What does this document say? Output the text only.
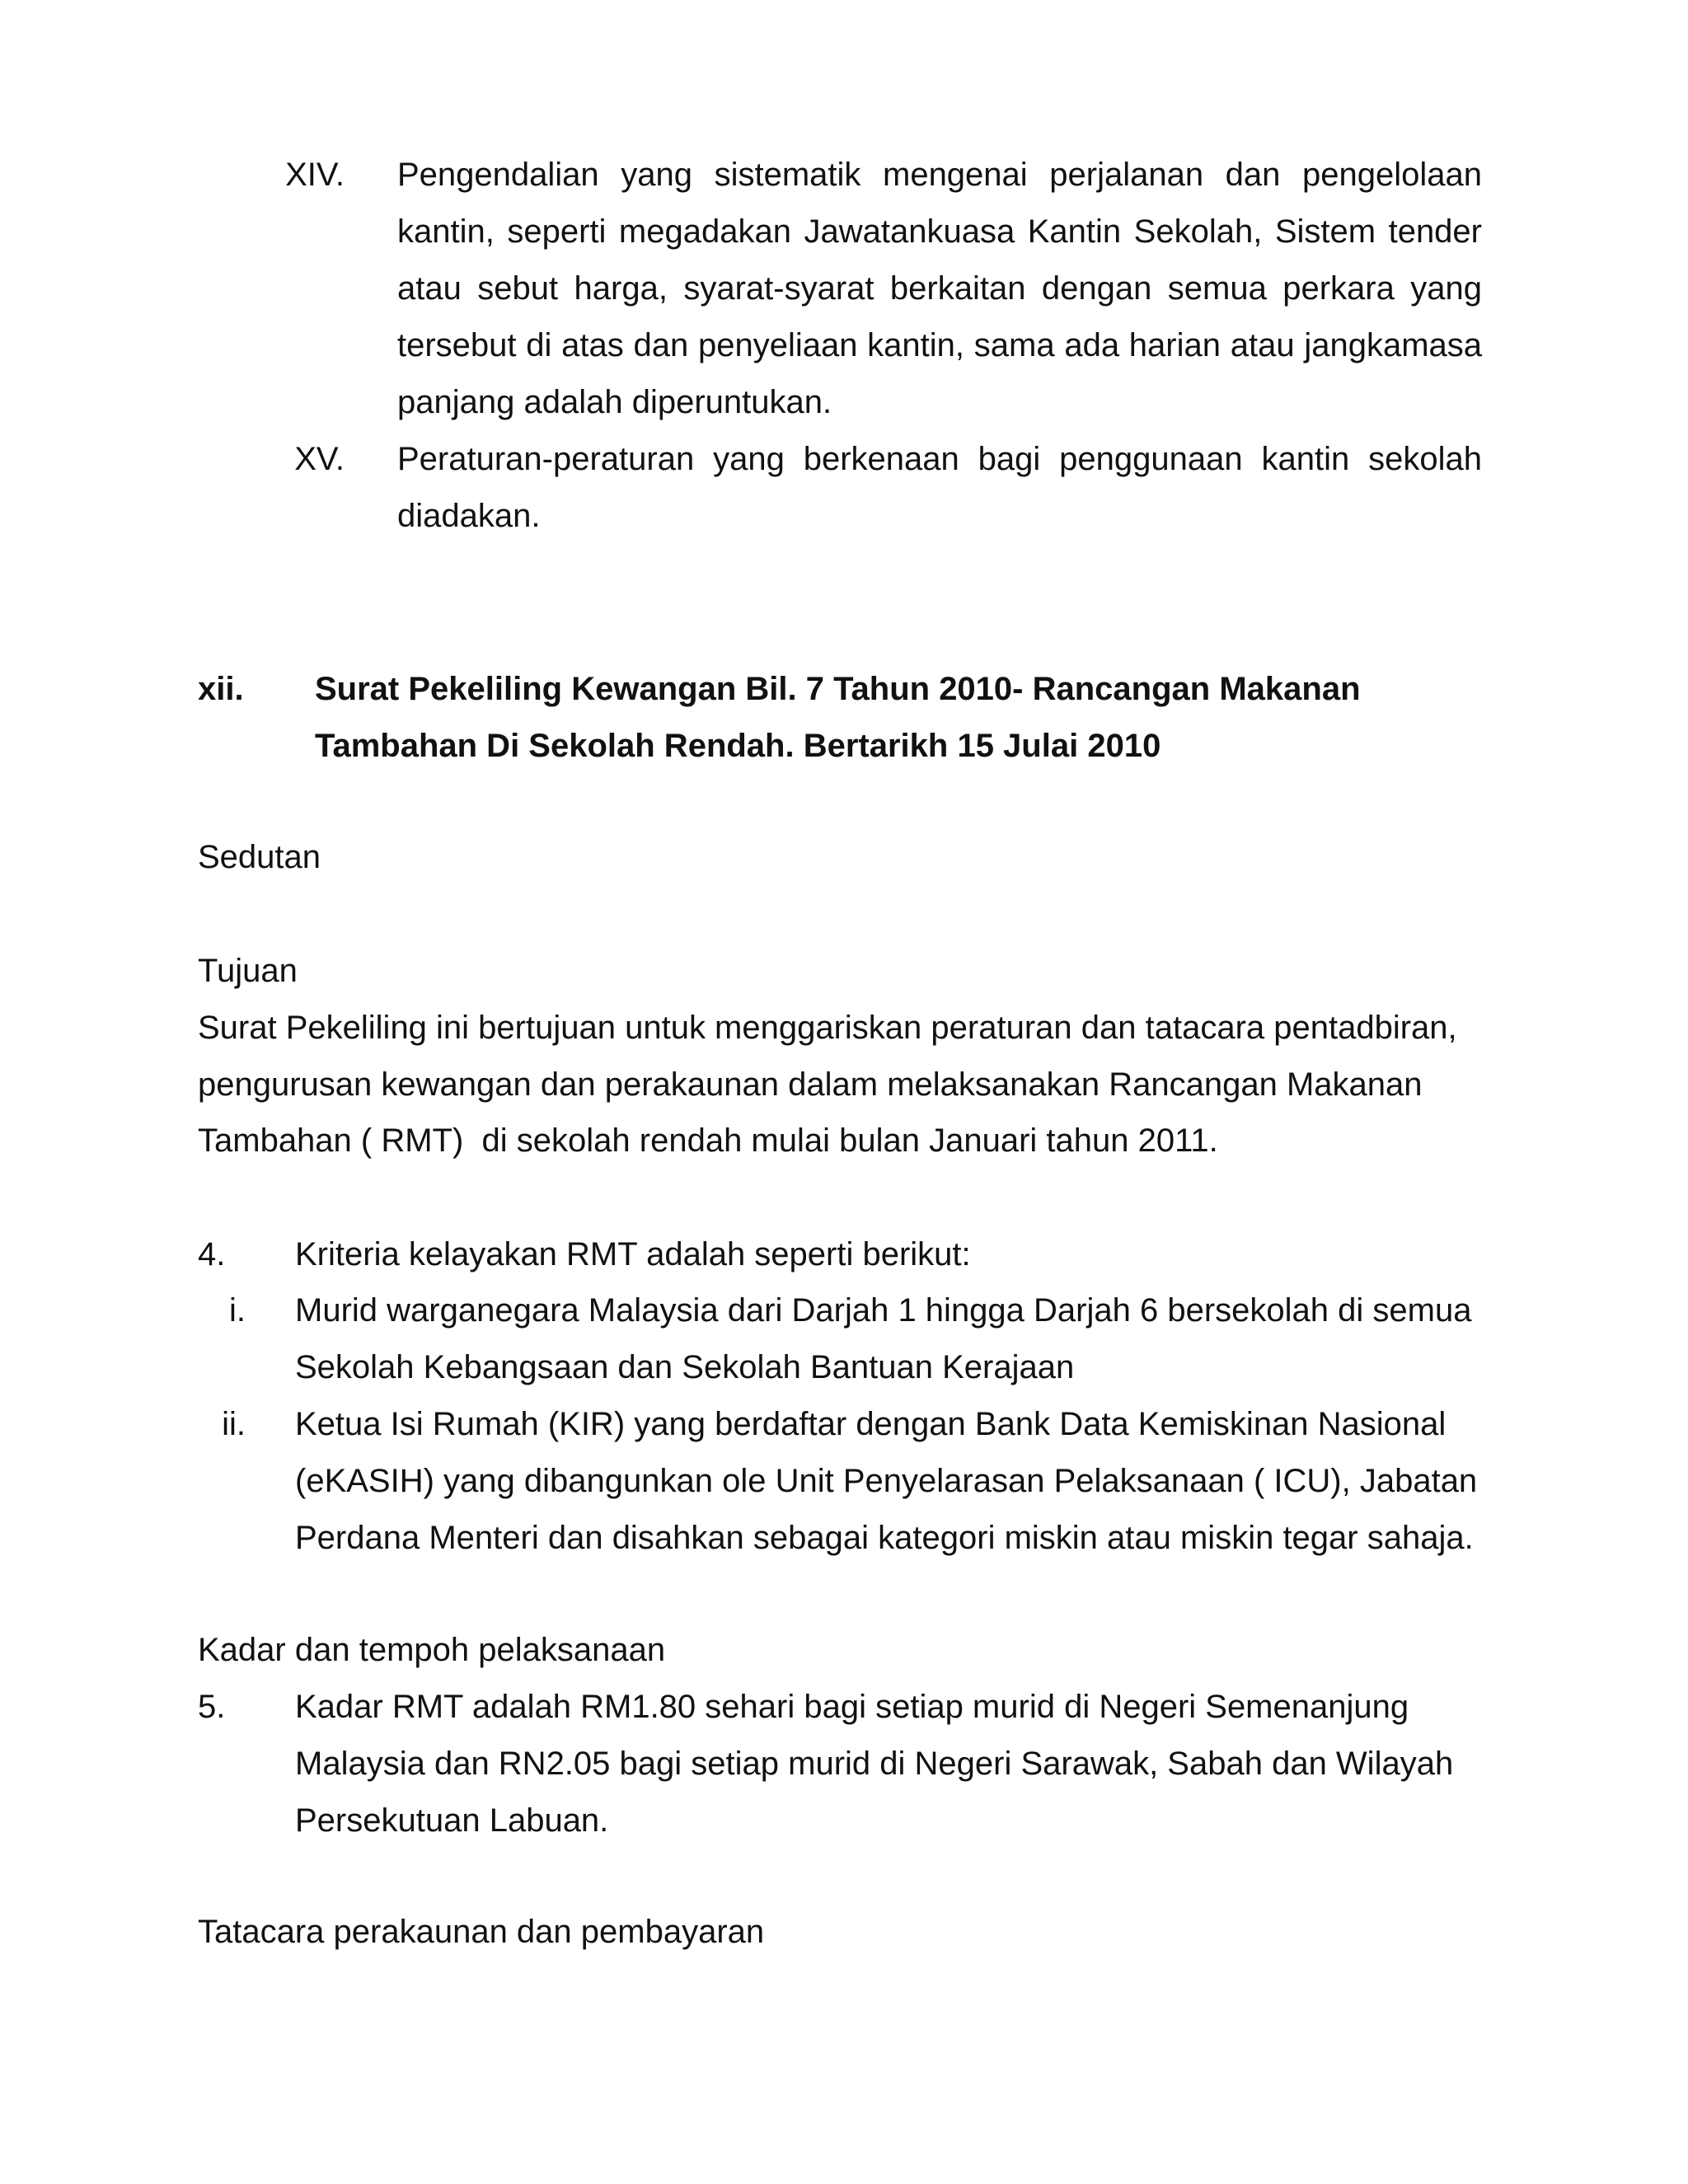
XIV. Pengendalian yang sistematik mengenai perjalanan dan pengelolaan kantin, seperti megadakan Jawatankuasa Kantin Sekolah, Sistem tender atau sebut harga, syarat-syarat berkaitan dengan semua perkara yang tersebut di atas dan penyeliaan kantin, sama ada harian atau jangkamasa panjang adalah diperuntukan.

XV. Peraturan-peraturan yang berkenaan bagi penggunaan kantin sekolah diadakan.

xii. Surat Pekeliling Kewangan Bil. 7 Tahun 2010- Rancangan Makanan
Tambahan Di Sekolah Rendah. Bertarikh 15 Julai 2010
Sedutan
Tujuan
Surat Pekeliling ini bertujuan untuk menggariskan peraturan dan tatacara pentadbiran,
pengurusan kewangan dan perakaunan dalam melaksanakan Rancangan Makanan
Tambahan ( RMT)  di sekolah rendah mulai bulan Januari tahun 2011.
4. Kriteria kelayakan RMT adalah seperti berikut:
i. Murid warganegara Malaysia dari Darjah 1 hingga Darjah 6 bersekolah di semua
Sekolah Kebangsaan dan Sekolah Bantuan Kerajaan
ii. Ketua Isi Rumah (KIR) yang berdaftar dengan Bank Data Kemiskinan Nasional
(eKASIH) yang dibangunkan ole Unit Penyelarasan Pelaksanaan ( ICU), Jabatan
Perdana Menteri dan disahkan sebagai kategori miskin atau miskin tegar sahaja.
Kadar dan tempoh pelaksanaan
5. Kadar RMT adalah RM1.80 sehari bagi setiap murid di Negeri Semenanjung
Malaysia dan RN2.05 bagi setiap murid di Negeri Sarawak, Sabah dan Wilayah
Persekutuan Labuan.
Tatacara perakaunan dan pembayaran
